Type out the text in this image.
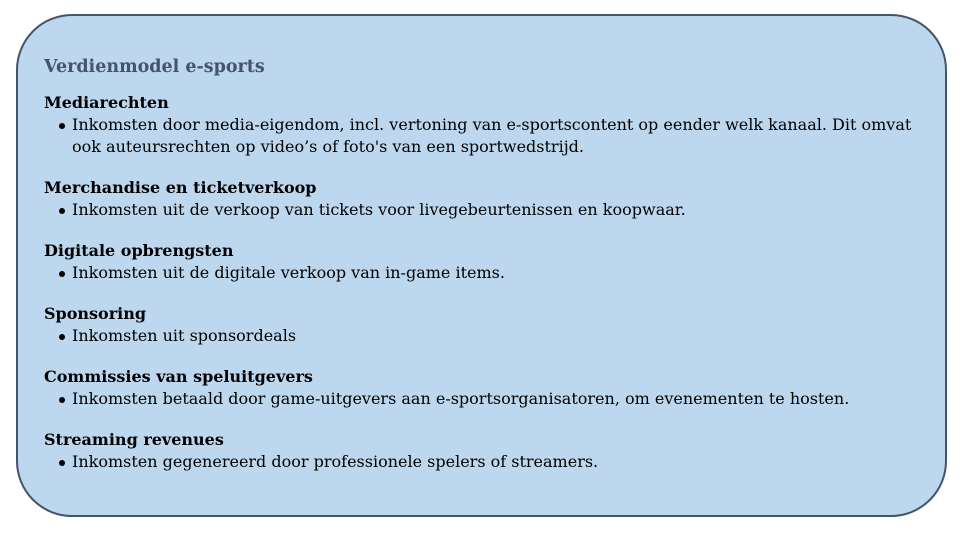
Verdienmodel e-sports
Mediarechten
Inkomsten door media-eigendom, incl. vertoning van e-sportscontent op eender welk kanaal. Dit omvat ook auteursrechten op video’s of foto's van een sportwedstrijd.
Merchandise en ticketverkoop
Inkomsten uit de verkoop van tickets voor livegebeurtenissen en koopwaar.
Digitale opbrengsten
Inkomsten uit de digitale verkoop van in-game items.
Sponsoring
Inkomsten uit sponsordeals
Commissies van speluitgevers
Inkomsten betaald door game-uitgevers aan e-sportsorganisatoren, om evenementen te hosten.
Streaming revenues
Inkomsten gegenereerd door professionele spelers of streamers.
